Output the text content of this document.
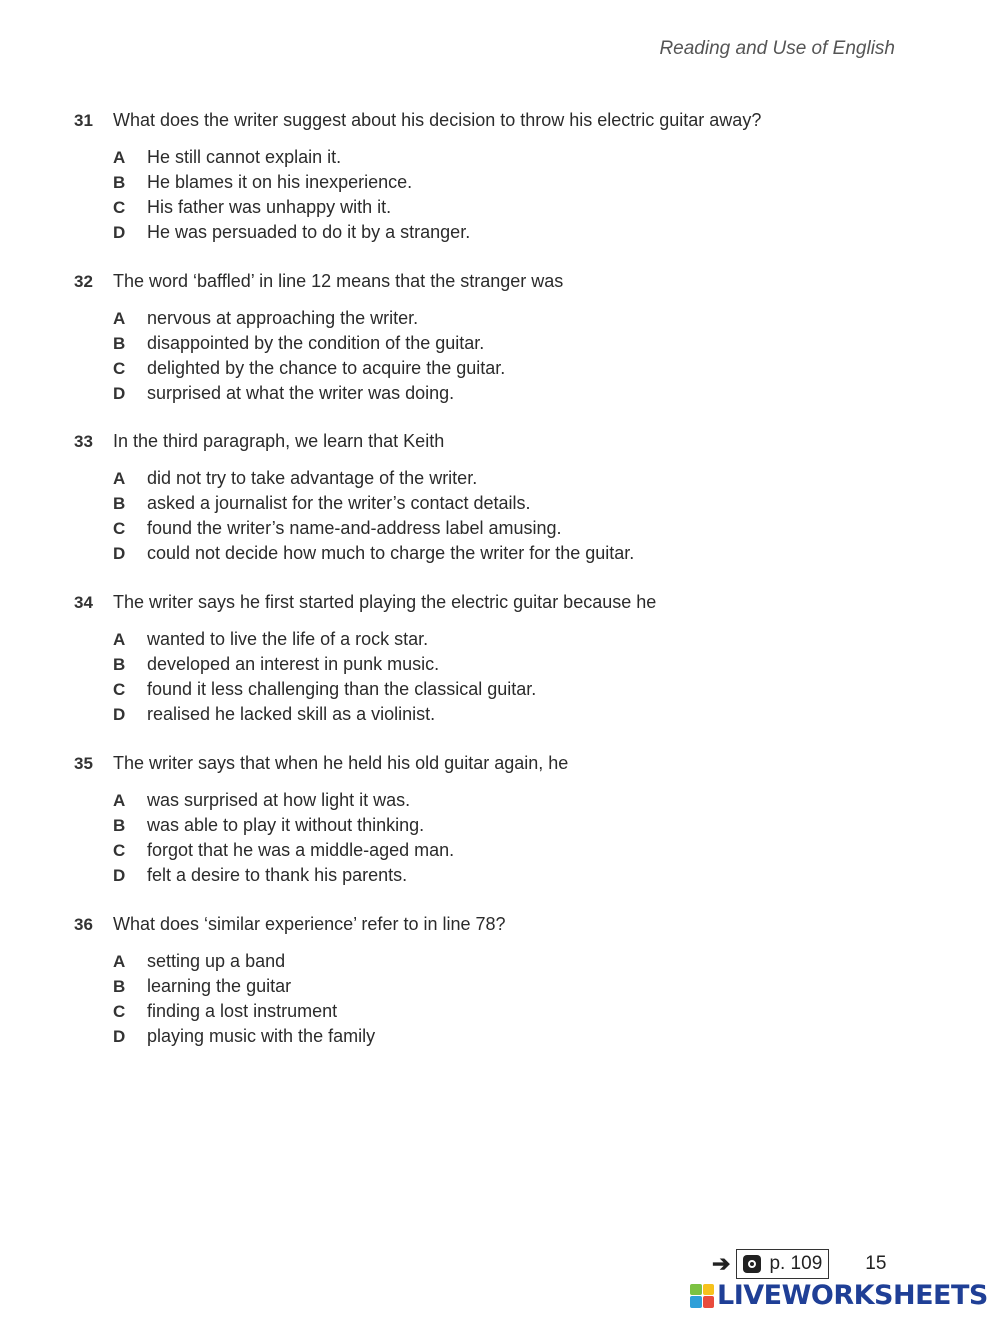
Reading and Use of English
31	What does the writer suggest about his decision to throw his electric guitar away?
A	He still cannot explain it.
B	He blames it on his inexperience.
C	His father was unhappy with it.
D	He was persuaded to do it by a stranger.
32	The word ‘baffled’ in line 12 means that the stranger was
A	nervous at approaching the writer.
B	disappointed by the condition of the guitar.
C	delighted by the chance to acquire the guitar.
D	surprised at what the writer was doing.
33	In the third paragraph, we learn that Keith
A	did not try to take advantage of the writer.
B	asked a journalist for the writer’s contact details.
C	found the writer’s name-and-address label amusing.
D	could not decide how much to charge the writer for the guitar.
34	The writer says he first started playing the electric guitar because he
A	wanted to live the life of a rock star.
B	developed an interest in punk music.
C	found it less challenging than the classical guitar.
D	realised he lacked skill as a violinist.
35	The writer says that when he held his old guitar again, he
A	was surprised at how light it was.
B	was able to play it without thinking.
C	forgot that he was a middle-aged man.
D	felt a desire to thank his parents.
36	What does ‘similar experience’ refer to in line 78?
A	setting up a band
B	learning the guitar
C	finding a lost instrument
D	playing music with the family
➔ p. 109 15
LIVEWORKSHEETS
